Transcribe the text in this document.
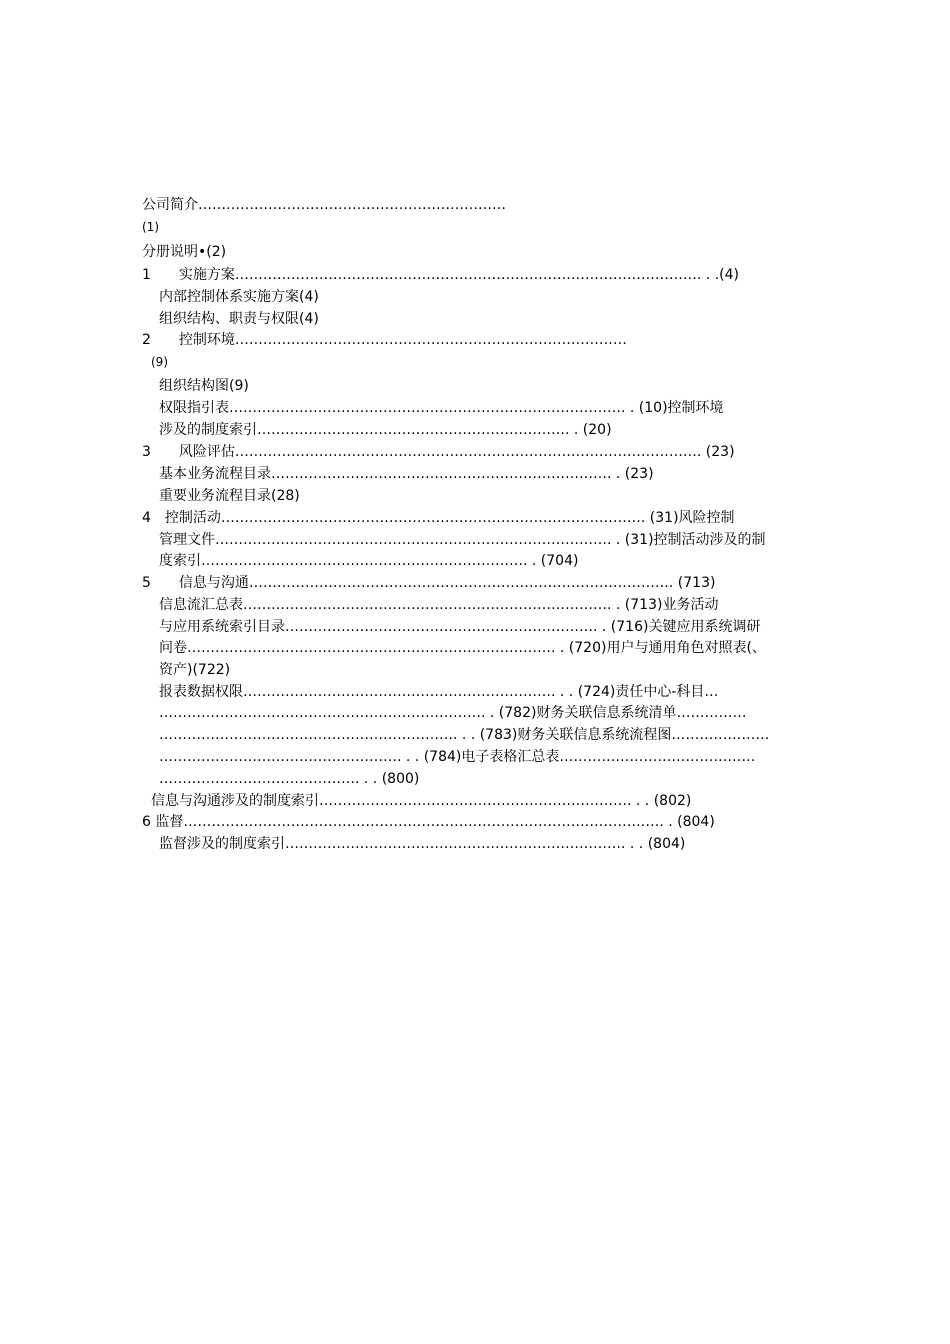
公司简介…………………………………………………………
(1)
分册说明•(2)
1　　实施方案………………………………………………………………………………………. . .(4)
内部控制体系实施方案(4)
组织结构、职责与权限(4)
2　　控制环境…………………………………………………………………………
(9)
组织结构图(9)
权限指引表…………………………………………………………………………. . (10)控制环境
涉及的制度索引…………………………………………………………. . (20)
3　　风险评估………………………………………………………………………………………. (23)
基本业务流程目录………………………………………………………………. . (23)
重要业务流程目录(28)
4　控制活动………………………………………………………………………………. (31)风险控制
管理文件…………………………………………………………………………. . (31)控制活动涉及的制
度索引……………………………………………………………. . (704)
5　　信息与沟通………………………………………………………………………………. (713)
信息流汇总表……………………………………………………………………. . (713)业务活动
与应用系统索引目录…………………………………………………………. . (716)关键应用系统调研
问卷……………………………………………………………………. . (720)用户与通用角色对照表(、
资产)(722)
报表数据权限…………………………………………………………. . . (724)责任中心-科目…
……………………………………………………………. . (782)财务关联信息系统清单……………
………………………………………………………. . . (783)财务关联信息系统流程图…………………
……………………………………………. . . (784)电子表格汇总表……………………………………
……………………………………. . . (800)
信息与沟通涉及的制度索引…………………………………………………………. . . (802)
6 监督…………………………………………………………………………………………. . (804)
监督涉及的制度索引………………………………………………………………. . . (804)
